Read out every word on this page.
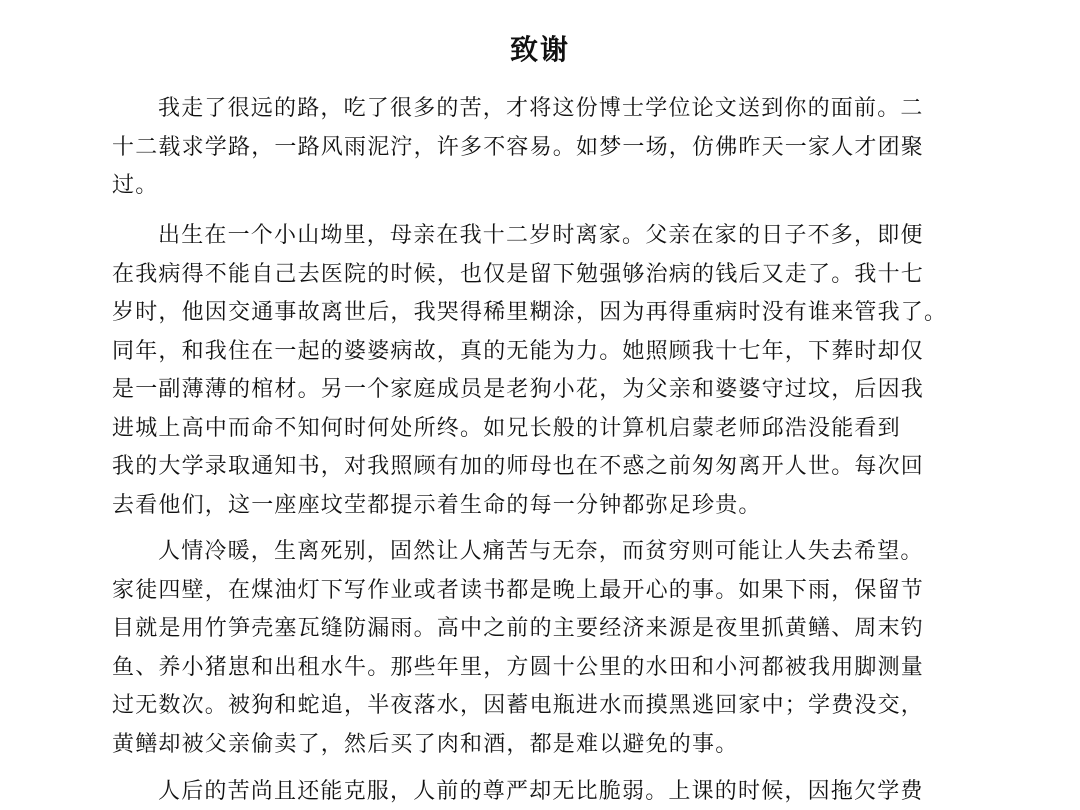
致谢
我走了很远的路，吃了很多的苦，才将这份博士学位论文送到你的面前。二
十二载求学路，一路风雨泥泞，许多不容易。如梦一场，仿佛昨天一家人才团聚
过。
出生在一个小山坳里，母亲在我十二岁时离家。父亲在家的日子不多，即便
在我病得不能自己去医院的时候，也仅是留下勉强够治病的钱后又走了。我十七
岁时，他因交通事故离世后，我哭得稀里糊涂，因为再得重病时没有谁来管我了。
同年，和我住在一起的婆婆病故，真的无能为力。她照顾我十七年，下葬时却仅
是一副薄薄的棺材。另一个家庭成员是老狗小花，为父亲和婆婆守过坟，后因我
进城上高中而命不知何时何处所终。如兄长般的计算机启蒙老师邱浩没能看到
我的大学录取通知书，对我照顾有加的师母也在不惑之前匆匆离开人世。每次回
去看他们，这一座座坟茔都提示着生命的每一分钟都弥足珍贵。
人情冷暖，生离死别，固然让人痛苦与无奈，而贫穷则可能让人失去希望。
家徒四壁，在煤油灯下写作业或者读书都是晚上最开心的事。如果下雨，保留节
目就是用竹笋壳塞瓦缝防漏雨。高中之前的主要经济来源是夜里抓黄鳝、周末钓
鱼、养小猪崽和出租水牛。那些年里，方圆十公里的水田和小河都被我用脚测量
过无数次。被狗和蛇追，半夜落水，因蓄电瓶进水而摸黑逃回家中；学费没交，
黄鳝却被父亲偷卖了，然后买了肉和酒，都是难以避免的事。
人后的苦尚且还能克服，人前的尊严却无比脆弱。上课的时候，因拖欠学费
